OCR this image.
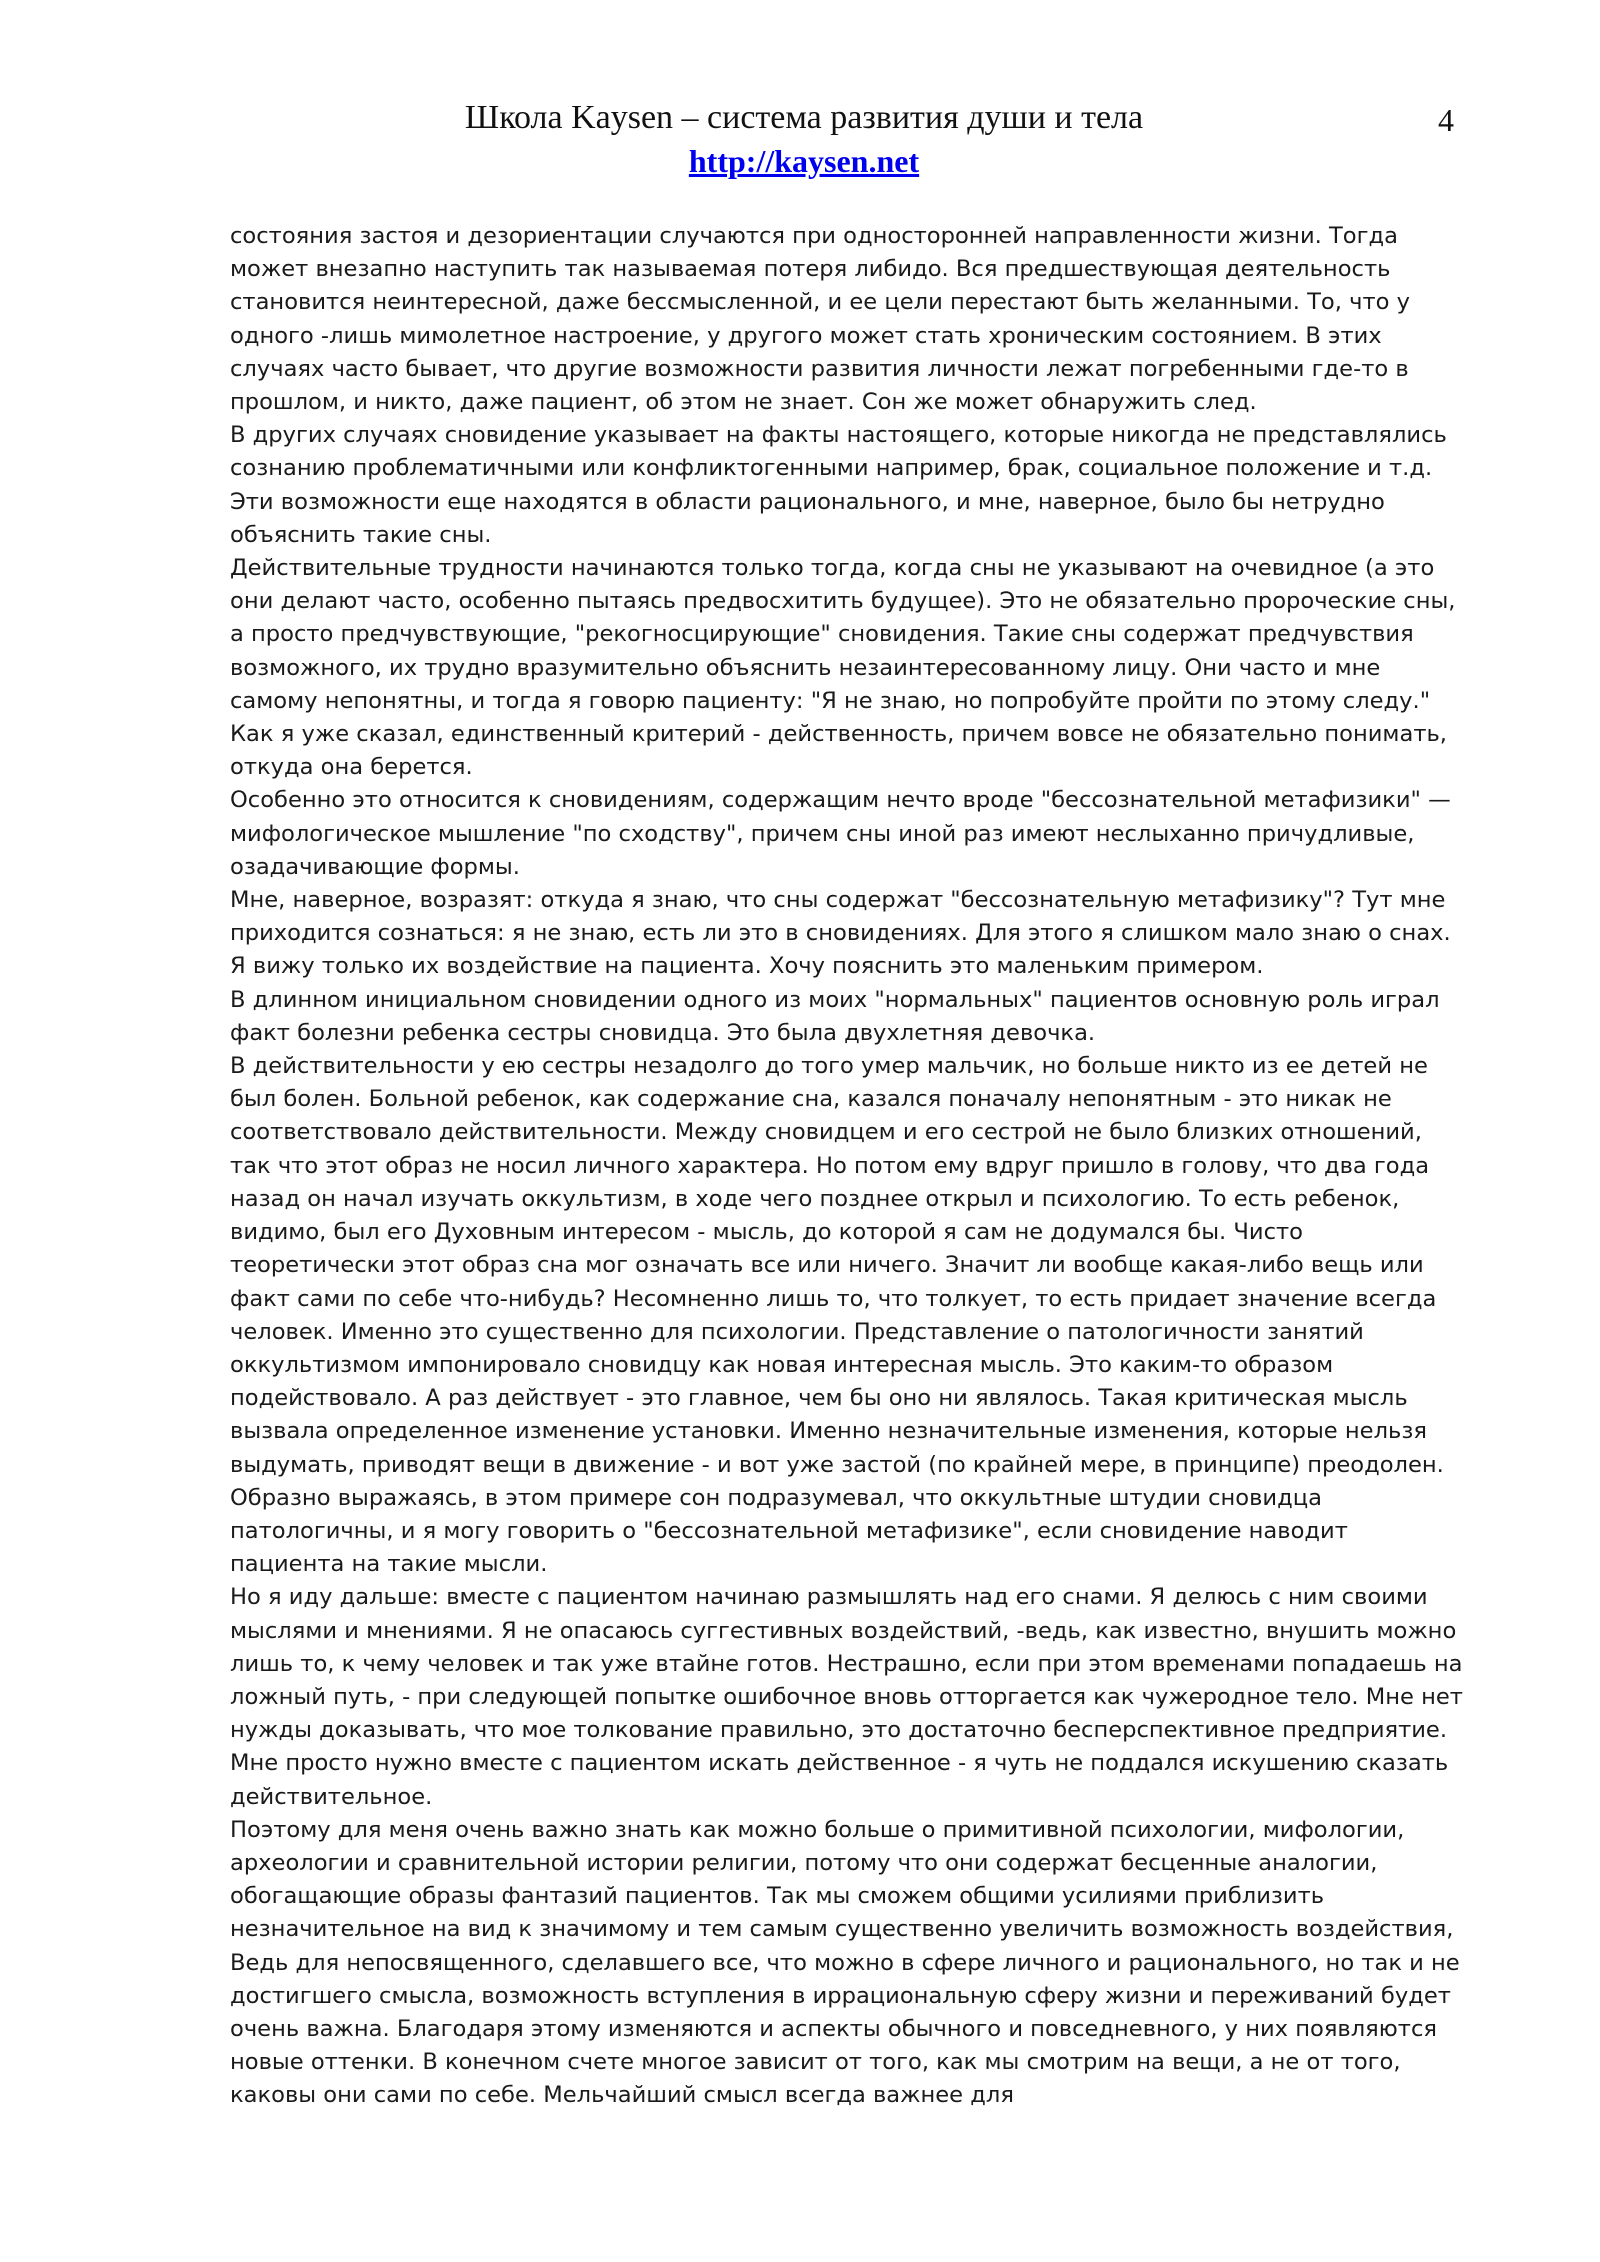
Школа Kaysen – система развития души и тела
http://kaysen.net
4

состояния застоя и дезориентации случаются при односторонней направленности жизни. Тогда может внезапно наступить так называемая потеря либидо. Вся предшествующая деятельность становится неинтересной, даже бессмысленной, и ее цели перестают быть желанными. То, что у одного -лишь мимолетное настроение, у другого может стать хроническим состоянием. В этих случаях часто бывает, что другие возможности развития личности лежат погребенными где-то в прошлом, и никто, даже пациент, об этом не знает. Сон же может обнаружить след.

В других случаях сновидение указывает на факты настоящего, которые никогда не представлялись сознанию проблематичными или конфликтогенными например, брак, социальное положение и т.д. Эти возможности еще находятся в области рационального, и мне, наверное, было бы нетрудно объяснить такие сны.

Действительные трудности начинаются только тогда, когда сны не указывают на очевидное (а это они делают часто, особенно пытаясь предвосхитить будущее). Это не обязательно пророческие сны, а просто предчувствующие, "рекогносцирующие" сновидения. Такие сны содержат предчувствия возможного, их трудно вразумительно объяснить незаинтересованному лицу. Они часто и мне самому непонятны, и тогда я говорю пациенту: "Я не знаю, но попробуйте пройти по этому следу." Как я уже сказал, единственный критерий - действенность, причем вовсе не обязательно понимать, откуда она берется.

Особенно это относится к сновидениям, содержащим нечто вроде "бессознательной метафизики" — мифологическое мышление "по сходству", причем сны иной раз имеют неслыханно причудливые, озадачивающие формы.

Мне, наверное, возразят: откуда я знаю, что сны содержат "бессознательную метафизику"? Тут мне приходится сознаться: я не знаю, есть ли это в сновидениях. Для этого я слишком мало знаю о снах. Я вижу только их воздействие на пациента. Хочу пояснить это маленьким примером.

В длинном инициальном сновидении одного из моих "нормальных" пациентов основную роль играл факт болезни ребенка сестры сновидца. Это была двухлетняя девочка.

В действительности у ею сестры незадолго до того умер мальчик, но больше никто из ее детей не был болен. Больной ребенок, как содержание сна, казался поначалу непонятным - это никак не соответствовало действительности. Между сновидцем и его сестрой не было близких отношений, так что этот образ не носил личного характера. Но потом ему вдруг пришло в голову, что два года назад он начал изучать оккультизм, в ходе чего позднее открыл и психологию. То есть ребенок, видимо, был его Духовным интересом - мысль, до которой я сам не додумался бы. Чисто теоретически этот образ сна мог означать все или ничего. Значит ли вообще какая-либо вещь или факт сами по себе что-нибудь? Несомненно лишь то, что толкует, то есть придает значение всегда человек. Именно это существенно для психологии. Представление о патологичности занятий оккультизмом импонировало сновидцу как новая интересная мысль. Это каким-то образом подействовало. А раз действует - это главное, чем бы оно ни являлось. Такая критическая мысль вызвала определенное изменение установки. Именно незначительные изменения, которые нельзя выдумать, приводят вещи в движение - и вот уже застой (по крайней мере, в принципе) преодолен. Образно выражаясь, в этом примере сон подразумевал, что оккультные штудии сновидца патологичны, и я могу говорить о "бессознательной метафизике", если сновидение наводит пациента на такие мысли.

Но я иду дальше: вместе с пациентом начинаю размышлять над его снами. Я делюсь с ним своими мыслями и мнениями. Я не опасаюсь суггестивных воздействий, -ведь, как известно, внушить можно лишь то, к чему человек и так уже втайне готов. Нестрашно, если при этом временами попадаешь на ложный путь, - при следующей попытке ошибочное вновь отторгается как чужеродное тело. Мне нет нужды доказывать, что мое толкование правильно, это достаточно бесперспективное предприятие. Мне просто нужно вместе с пациентом искать действенное - я чуть не поддался искушению сказать действительное.

Поэтому для меня очень важно знать как можно больше о примитивной психологии, мифологии, археологии и сравнительной истории религии, потому что они содержат бесценные аналогии, обогащающие образы фантазий пациентов. Так мы сможем общими усилиями приблизить незначительное на вид к значимому и тем самым существенно увеличить возможность воздействия, Ведь для непосвященного, сделавшего все, что можно в сфере личного и рационального, но так и не достигшего смысла, возможность вступления в иррациональную сферу жизни и переживаний будет очень важна. Благодаря этому изменяются и аспекты обычного и повседневного, у них появляются новые оттенки. В конечном счете многое зависит от того, как мы смотрим на вещи, а не от того, каковы они сами по себе. Мельчайший смысл всегда важнее для
